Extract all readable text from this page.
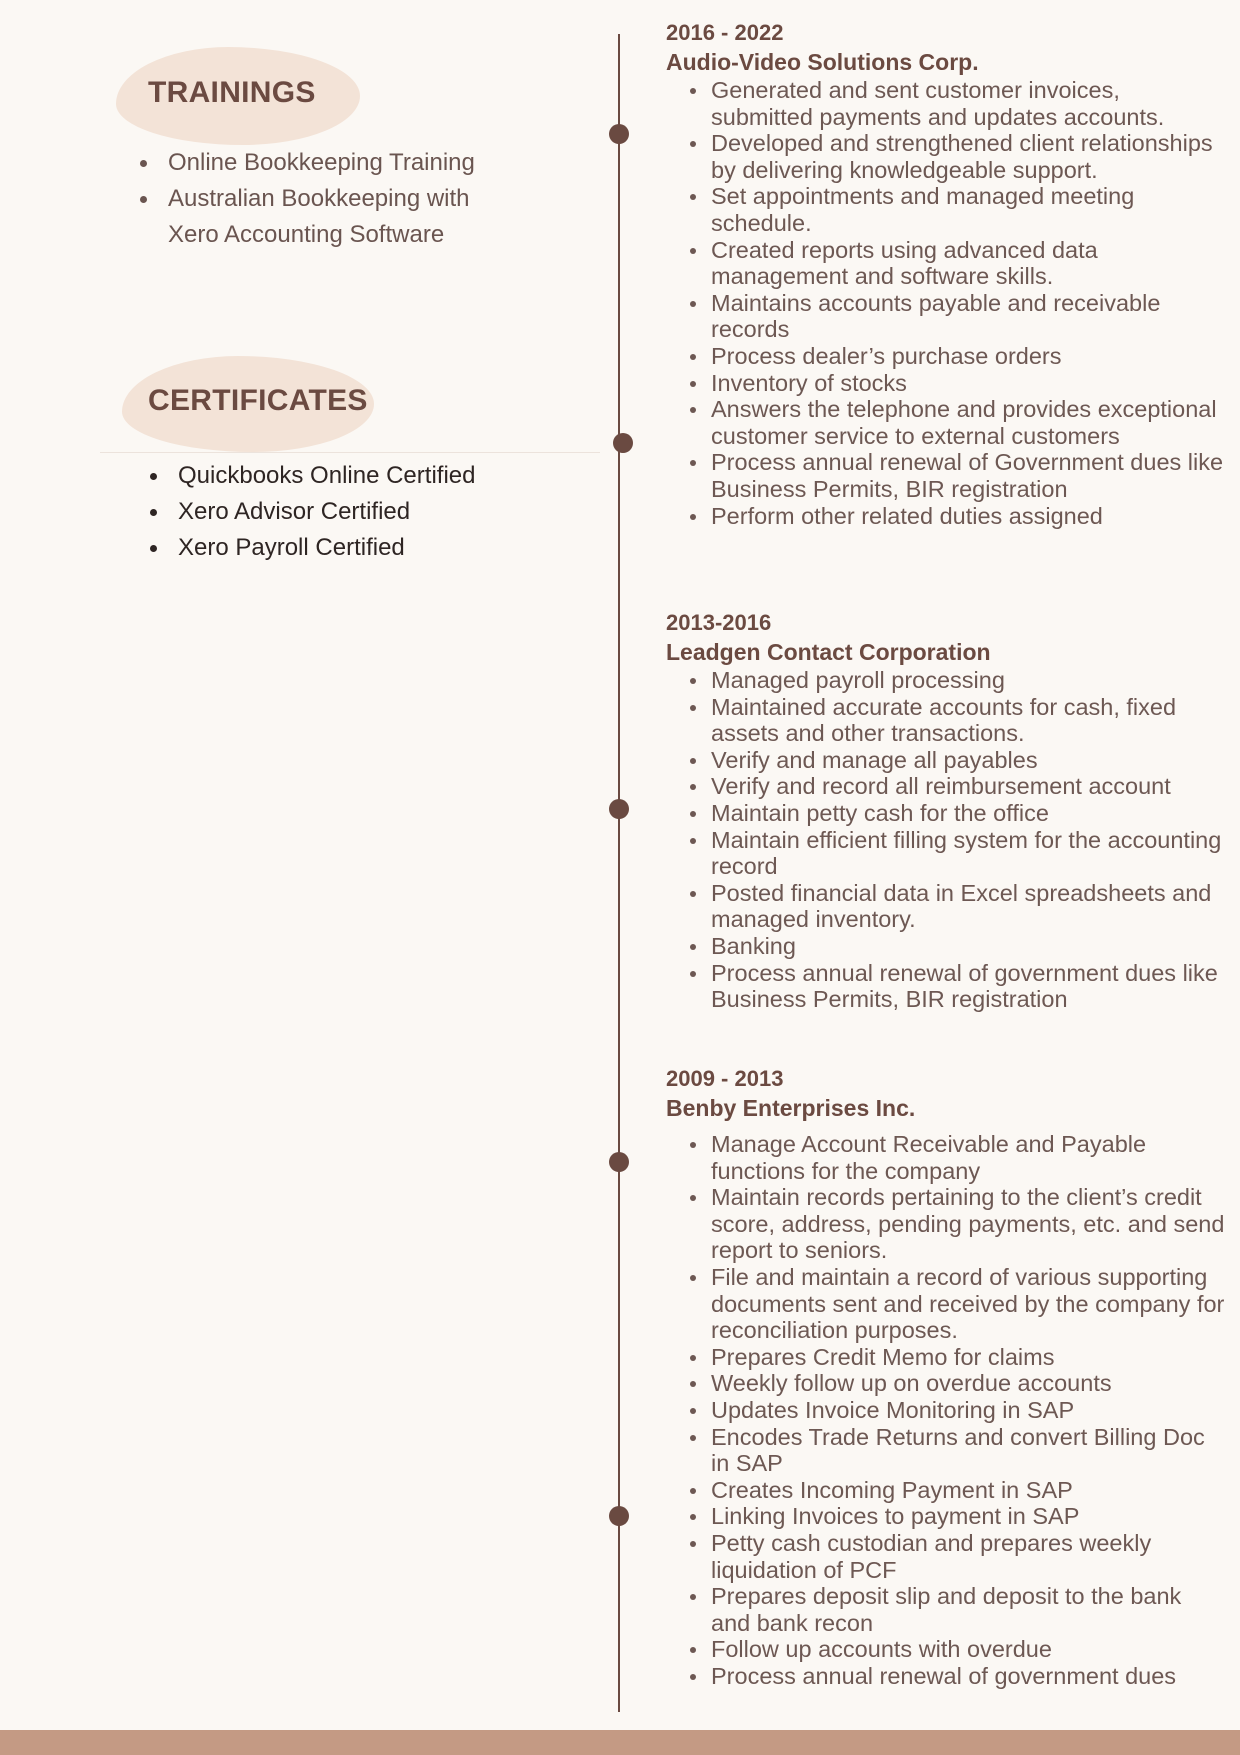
TRAININGS
Online Bookkeeping Training
Australian Bookkeeping with Xero Accounting Software
CERTIFICATES
Quickbooks Online Certified
Xero Advisor Certified
Xero Payroll Certified
2016 - 2022
Audio-Video Solutions Corp.
Generated and sent customer invoices, submitted payments and updates accounts.
Developed and strengthened client relationships by delivering knowledgeable support.
Set appointments and managed meeting schedule.
Created reports using advanced data management and software skills.
Maintains accounts payable and receivable records
Process dealer’s purchase orders
Inventory of stocks
Answers the telephone and provides exceptional customer service to external customers
Process annual renewal of Government dues like Business Permits, BIR registration
Perform other related duties assigned
2013-2016
Leadgen Contact Corporation
Managed payroll processing
Maintained accurate accounts for cash, fixed assets and other transactions.
Verify and manage all payables
Verify and record all reimbursement account
Maintain petty cash for the office
Maintain efficient filling system for the accounting record
Posted financial data in Excel spreadsheets and managed inventory.
Banking
Process annual renewal of government dues like Business Permits, BIR registration
2009 - 2013
Benby Enterprises Inc.
Manage Account Receivable and Payable functions for the company
Maintain records pertaining to the client’s credit score, address, pending payments, etc. and send report to seniors.
File and maintain a record of various supporting documents sent and received by the company for reconciliation purposes.
Prepares Credit Memo for claims
Weekly follow up on overdue accounts
Updates Invoice Monitoring in SAP
Encodes Trade Returns and convert Billing Doc in SAP
Creates Incoming Payment in SAP
Linking Invoices to payment in SAP
Petty cash custodian and prepares weekly liquidation of PCF
Prepares deposit slip and deposit to the bank and bank recon
Follow up accounts with overdue
Process annual renewal of government dues
